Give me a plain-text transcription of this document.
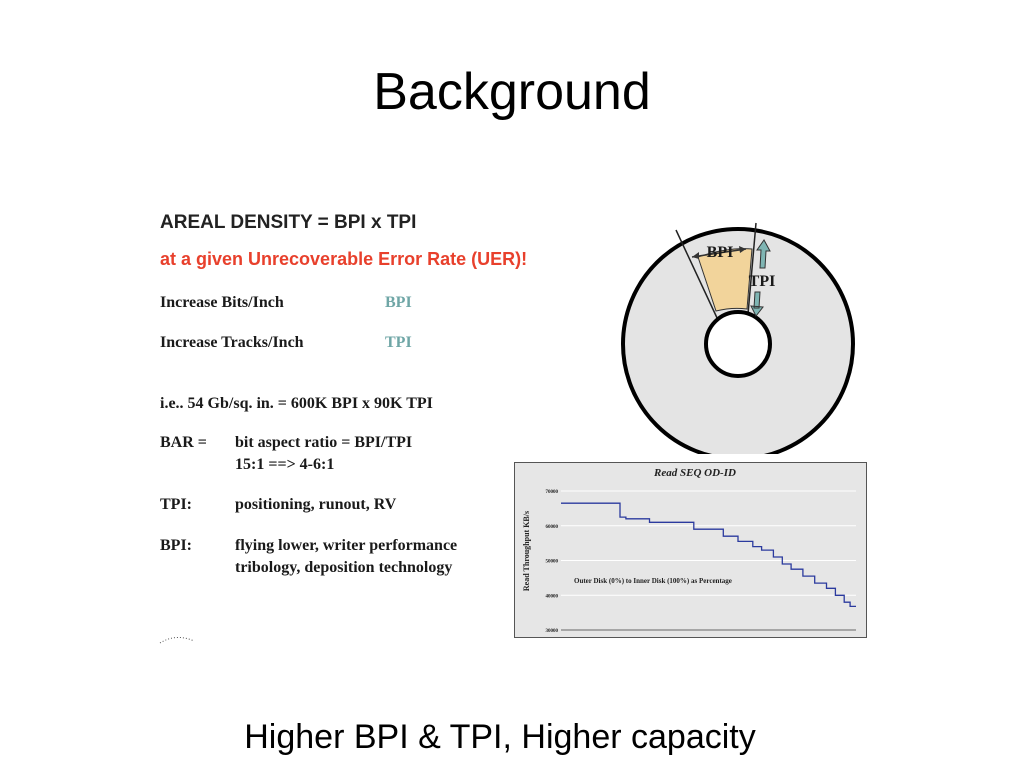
Background
AREAL DENSITY = BPI x TPI
at a given Unrecoverable Error Rate (UER)!
Increase Bits/Inch	BPI
Increase Tracks/Inch	TPI
i.e.. 54 Gb/sq. in. = 600K BPI x 90K TPI
BAR = bit aspect ratio = BPI/TPI
15:1 ==> 4-6:1
TPI:	positioning, runout, RV
BPI:	flying lower, writer performance
tribology, deposition technology
BPI
TPI
Read SEQ OD-ID
Read Throughput KB/s	Outer Disk (0%) to Inner Disk (100%) as Percentage
70000
60000
50000
40000
30000
Higher BPI & TPI, Higher capacity
